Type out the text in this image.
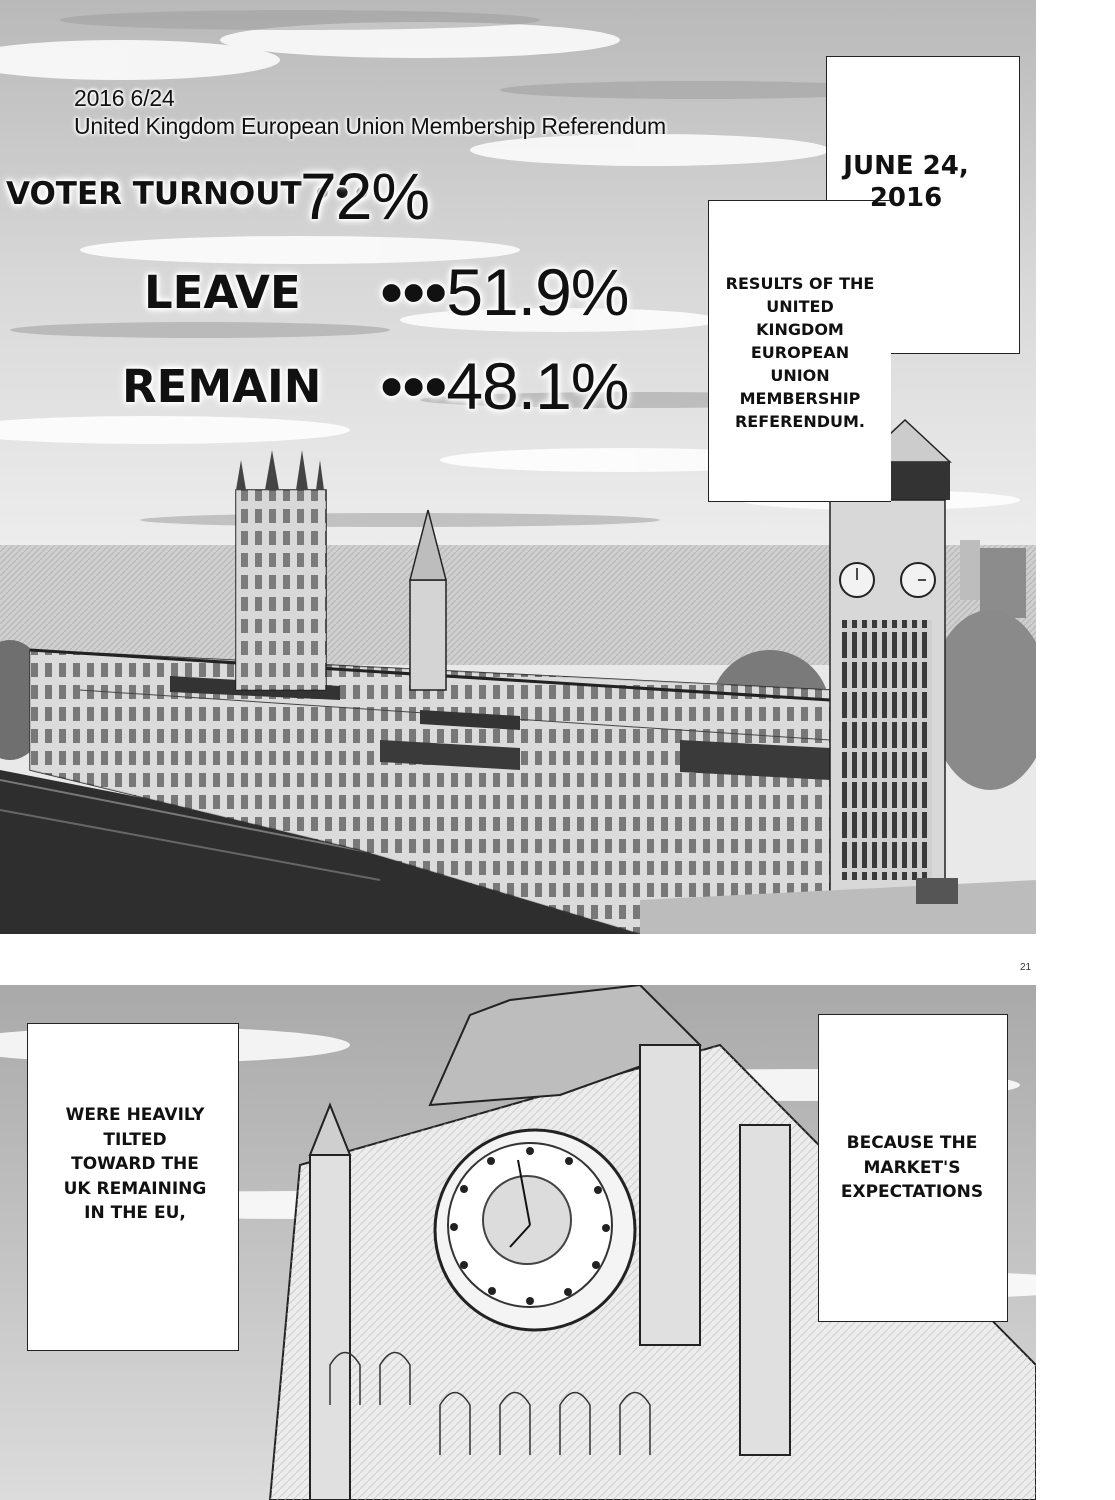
2016 6/24
United Kingdom European Union Membership Referendum
VOTER TURNOUT •••
72%
LEAVE •••51.9%
REMAIN •••48.1%
JUNE 24, 2016
RESULTS OF THE UNITED KINGDOM EUROPEAN UNION MEMBERSHIP REFERENDUM.
21
WERE HEAVILY TILTED TOWARD THE UK REMAINING IN THE EU,
BECAUSE THE MARKET'S EXPECTATIONS
